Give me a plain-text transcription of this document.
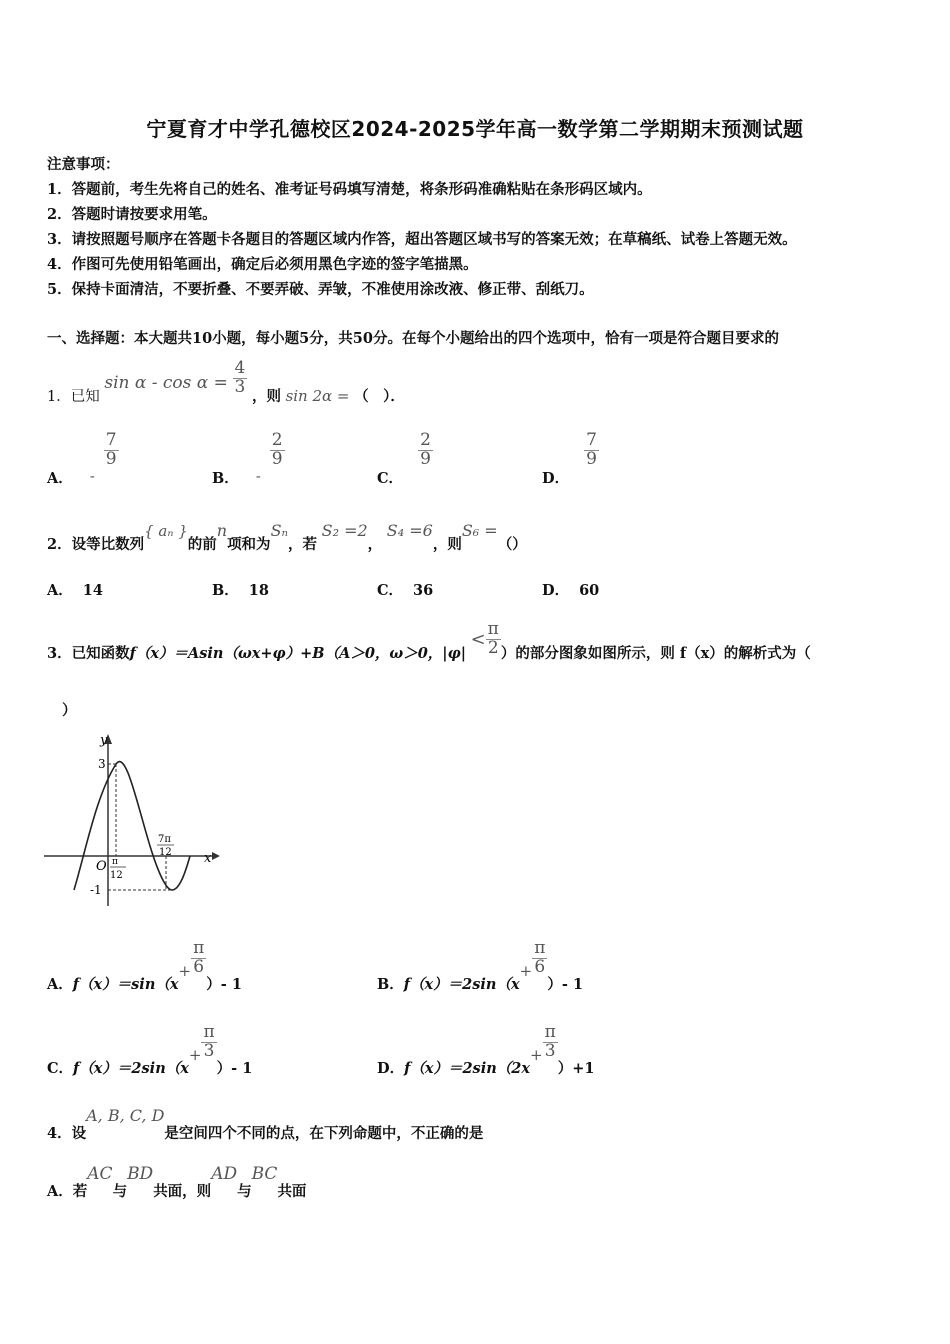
宁夏育才中学孔德校区2024-2025学年高一数学第二学期期末预测试题
注意事项：
1．答题前，考生先将自己的姓名、准考证号码填写清楚，将条形码准确粘贴在条形码区域内。
2．答题时请按要求用笔。
3．请按照题号顺序在答题卡各题目的答题区域内作答，超出答题区域书写的答案无效；在草稿纸、试卷上答题无效。
4．作图可先使用铅笔画出，确定后必须用黑色字迹的签字笔描黑。
5．保持卡面清洁，不要折叠、不要弄破、弄皱，不准使用涂改液、修正带、刮纸刀。
一、选择题：本大题共10小题，每小题5分，共50分。在每个小题给出的四个选项中，恰有一项是符合题目要求的
1．已知 $\sin \alpha - \cos \alpha = \frac{4}{3}$
，则 sin 2α = （　）．
A． -
$\frac{7}{9}$
B． -
$\frac{2}{9}$
C．
$\frac{2}{9}$
D．
$\frac{7}{9}$
2．设等比数列{ aₙ }的前n项和为Sₙ，若 S₂ =2， S₄ =6，则S₆ =（）
A． 14	B． 18	C． 36	D． 60
3．已知函数f（x）＝Asin（ωx+φ）+B（A＞0，ω＞0，$|\varphi| < \frac{\pi}{2}$ ）的部分图象如图所示，则 f（x）的解析式为（
）
y
x
O
3
-1
π
12
7π
12
A．$f(x)=\sin(x+ \frac{\pi}{6}$
）- 1	B．$f(x)=2\sin(x+ \frac{\pi}{6}$
）- 1
C．$f(x)=2\sin(x+ \frac{\pi}{3}$
）- 1	D．$f(x)=2\sin(2x+ \frac{\pi}{3}$
）+1
4．设A, B, C, D是空间四个不同的点，在下列命题中，不正确的是
A．若AC与BD共面，则AD与BC共面
